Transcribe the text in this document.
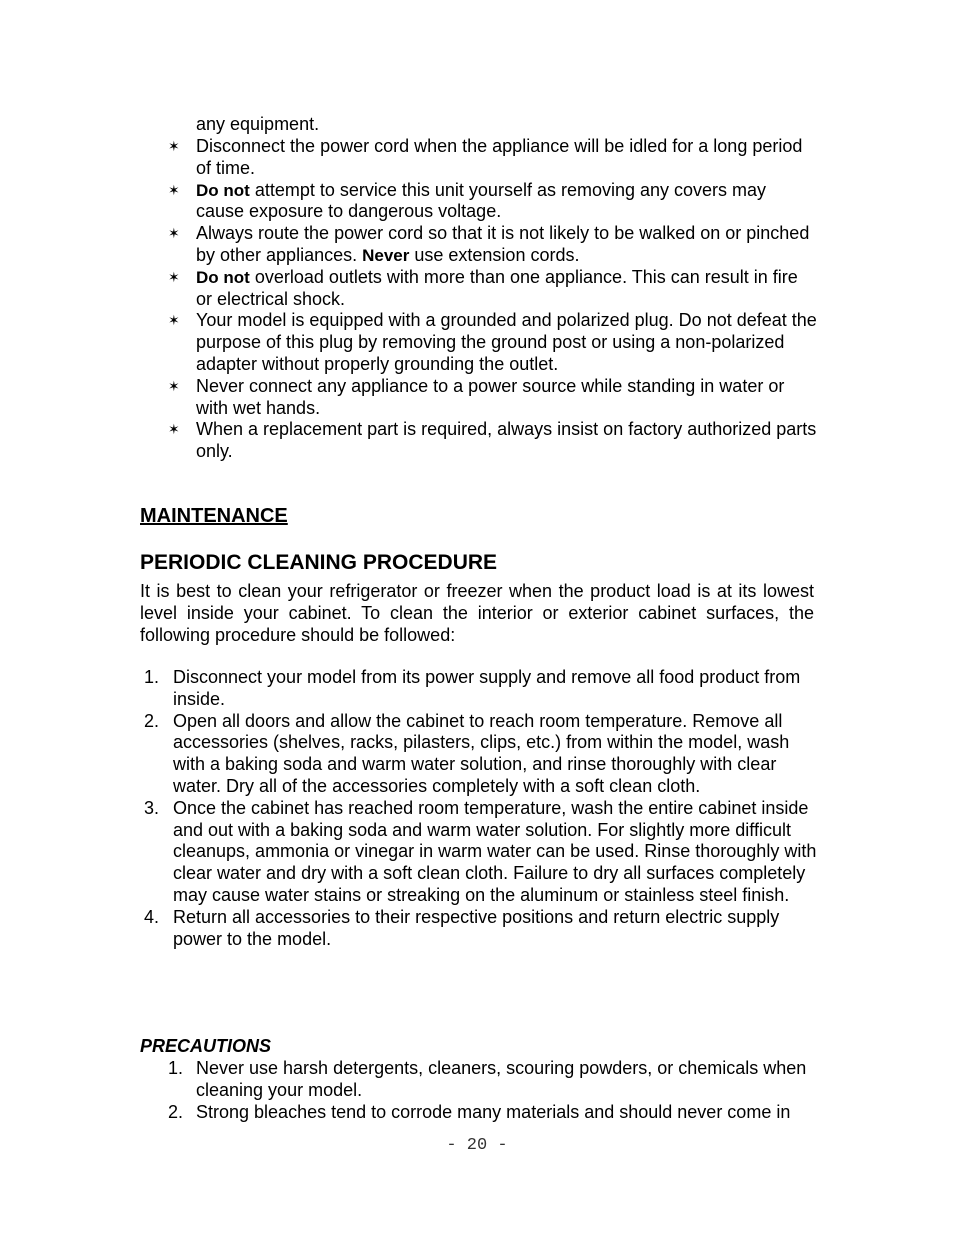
any equipment.
✶ Disconnect the power cord when the appliance will be idled for a long period of time.
✶ Do not attempt to service this unit yourself as removing any covers may cause exposure to dangerous voltage.
✶ Always route the power cord so that it is not likely to be walked on or pinched by other appliances. Never use extension cords.
✶ Do not overload outlets with more than one appliance. This can result in fire or electrical shock.
✶ Your model is equipped with a grounded and polarized plug. Do not defeat the purpose of this plug by removing the ground post or using a non-polarized adapter without properly grounding the outlet.
✶ Never connect any appliance to a power source while standing in water or with wet hands.
✶ When a replacement part is required, always insist on factory authorized parts only.
MAINTENANCE
PERIODIC CLEANING PROCEDURE
It is best to clean your refrigerator or freezer when the product load is at its lowest level inside your cabinet. To clean the interior or exterior cabinet surfaces, the following procedure should be followed:
1. Disconnect your model from its power supply and remove all food product from inside.
2. Open all doors and allow the cabinet to reach room temperature. Remove all accessories (shelves, racks, pilasters, clips, etc.) from within the model, wash with a baking soda and warm water solution, and rinse thoroughly with clear water. Dry all of the accessories completely with a soft clean cloth.
3. Once the cabinet has reached room temperature, wash the entire cabinet inside and out with a baking soda and warm water solution. For slightly more difficult cleanups, ammonia or vinegar in warm water can be used. Rinse thoroughly with clear water and dry with a soft clean cloth. Failure to dry all surfaces completely may cause water stains or streaking on the aluminum or stainless steel finish.
4. Return all accessories to their respective positions and return electric supply power to the model.
PRECAUTIONS
1. Never use harsh detergents, cleaners, scouring powders, or chemicals when cleaning your model.
2. Strong bleaches tend to corrode many materials and should never come in
- 20 -
